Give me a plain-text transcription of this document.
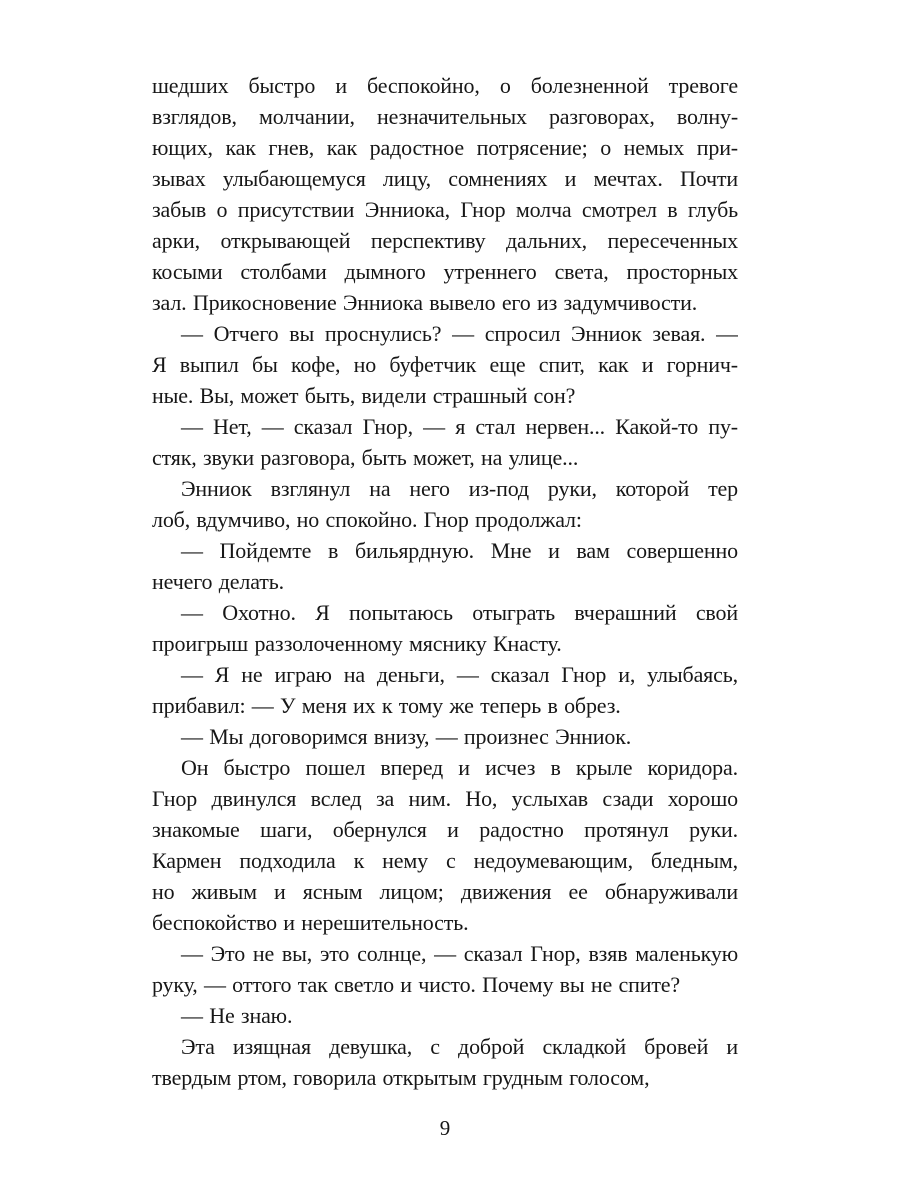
шедших быстро и беспокойно, о болезненной тревоге
взглядов, молчании, незначительных разговорах, волну-
ющих, как гнев, как радостное потрясение; о немых при-
зывах улыбающемуся лицу, сомнениях и мечтах. Почти
забыв о присутствии Энниока, Гнор молча смотрел в глубь
арки, открывающей перспективу дальних, пересеченных
косыми столбами дымного утреннего света, просторных
зал. Прикосновение Энниока вывело его из задумчивости.

— Отчего вы проснулись? — спросил Энниок зевая. —
Я выпил бы кофе, но буфетчик еще спит, как и горнич-
ные. Вы, может быть, видели страшный сон?

— Нет, — сказал Гнор, — я стал нервен... Какой-то пу-
стяк, звуки разговора, быть может, на улице...

Энниок взглянул на него из-под руки, которой тер
лоб, вдумчиво, но спокойно. Гнор продолжал:

— Пойдемте в бильярдную. Мне и вам совершенно
нечего делать.

— Охотно. Я попытаюсь отыграть вчерашний свой
проигрыш раззолоченному мяснику Кнасту.

— Я не играю на деньги, — сказал Гнор и, улыбаясь,
прибавил: — У меня их к тому же теперь в обрез.

— Мы договоримся внизу, — произнес Энниок.

Он быстро пошел вперед и исчез в крыле коридора.
Гнор двинулся вслед за ним. Но, услыхав сзади хорошо
знакомые шаги, обернулся и радостно протянул руки.
Кармен подходила к нему с недоумевающим, бледным,
но живым и ясным лицом; движения ее обнаруживали
беспокойство и нерешительность.

— Это не вы, это солнце, — сказал Гнор, взяв маленькую
руку, — оттого так светло и чисто. Почему вы не спите?

— Не знаю.

Эта изящная девушка, с доброй складкой бровей и
твердым ртом, говорила открытым грудным голосом,

9
